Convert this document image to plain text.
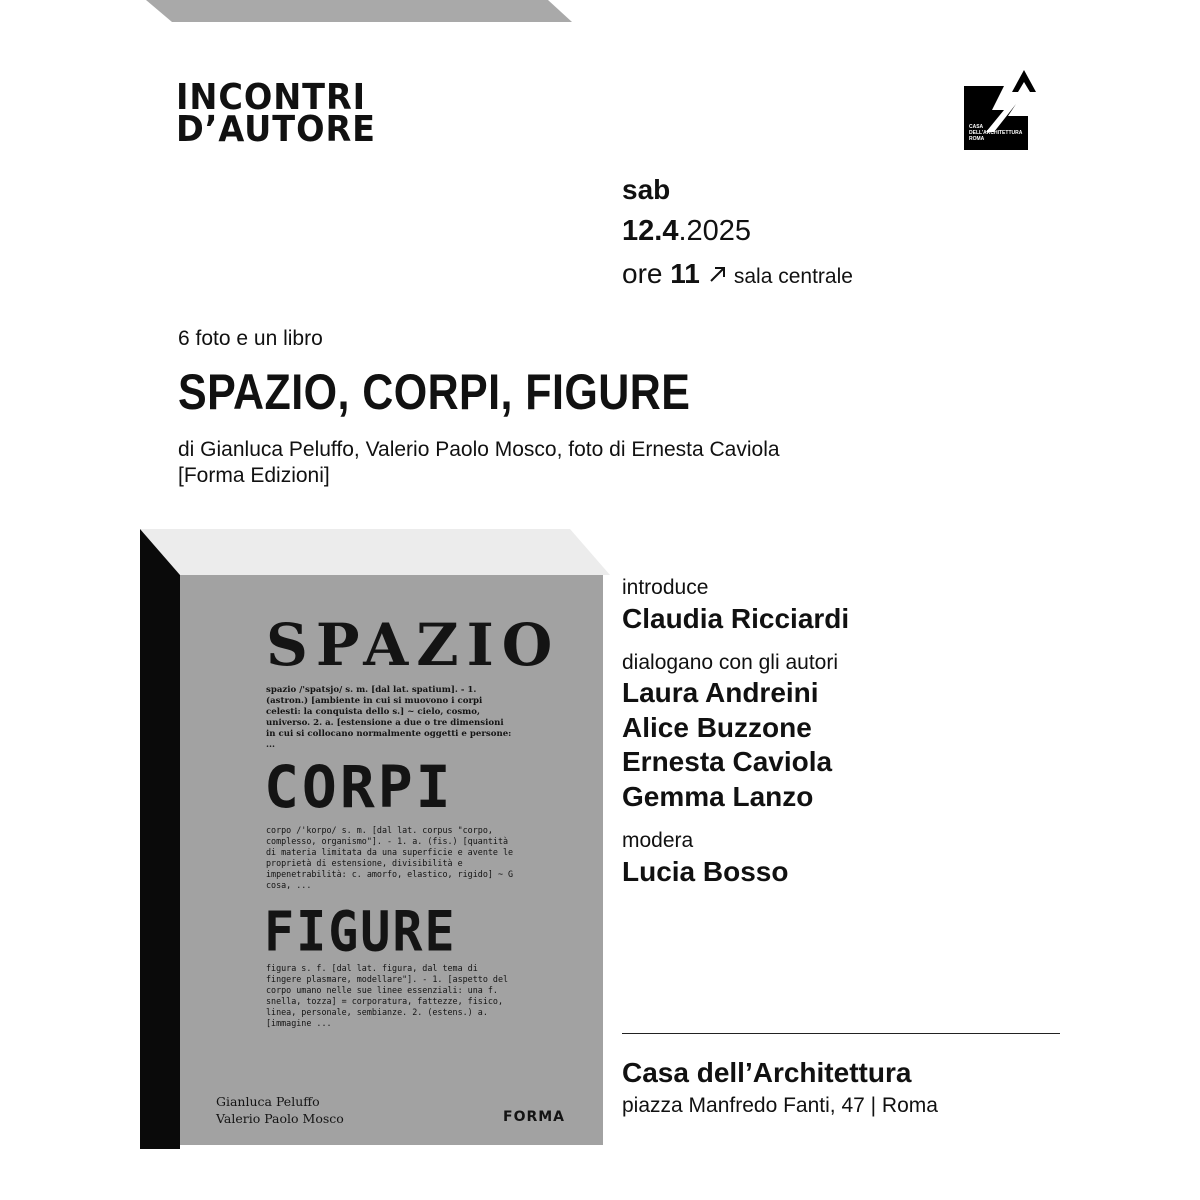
INCONTRI
D’AUTORE	CASA
DELL’ARCHITETTURA
ROMA
sab
12.4.2025
ore 11 sala centrale
6 foto e un libro
SPAZIO, CORPI, FIGURE
di Gianluca Peluffo, Valerio Paolo Mosco, foto di Ernesta Caviola
[Forma Edizioni]
SPAZIO

spazio /'spatsjo/ s. m. [dal lat. spatium]. - 1. (astron.) [ambiente in cui si muovono i corpi celesti: la conquista dello s.] ~ cielo, cosmo, universo. 2. a. [estensione a due o tre dimensioni in cui si collocano normalmente oggetti e persone: ...

CORPI

corpo /'korpo/ s. m. [dal lat. corpus "corpo, complesso, organismo"]. - 1. a. (fis.) [quantità di materia limitata da una superficie e avente le proprietà di estensione, divisibilità e impenetrabilità: c. amorfo, elastico, rigido] ~ G cosa, ...

FIGURE

figura s. f. [dal lat. figura, dal tema di fingere plasmare, modellare"]. - 1. [aspetto del corpo umano nelle sue linee essenziali: una f. snella, tozza] = corporatura, fattezze, fisico, linea, personale, sembianze. 2. (estens.) a. [immagine ...

Gianluca Peluffo
Valerio Paolo Mosco	FORMA
introduce
Claudia Ricciardi
dialogano con gli autori
Laura Andreini
Alice Buzzone
Ernesta Caviola
Gemma Lanzo
modera
Lucia Bosso
Casa dell’Architettura
piazza Manfredo Fanti, 47 | Roma
